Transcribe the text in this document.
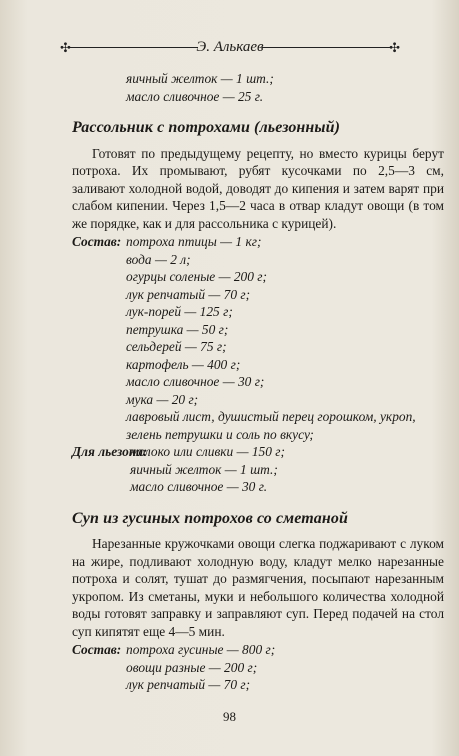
✣	Э. Алькаев	✣

яичный желток — 1 шт.;

масло сливочное — 25 г.

Рассольник с потрохами (льезонный)

Готовят по предыдущему рецепту, но вместо курицы берут потроха. Их промывают, рубят кусочками по 2,5—3 см, заливают холодной водой, доводят до кипения и затем варят при слабом кипении. Через 1,5—2 часа в отвар кладут овощи (в том же порядке, как и для рассольника с курицей).

Состав: потроха птицы — 1 кг;

вода — 2 л;

огурцы соленые — 200 г;

лук репчатый — 70 г;

лук-порей — 125 г;

петрушка — 50 г;

сельдерей — 75 г;

картофель — 400 г;

масло сливочное — 30 г;

мука — 20 г;

лавровый лист, душистый перец горошком, укроп, зелень петрушки и соль по вкусу;

Для льезона:молоко или сливки — 150 г;

яичный желток — 1 шт.;

масло сливочное — 30 г.

Суп из гусиных потрохов со сметаной

Нарезанные кружочками овощи слегка поджаривают с луком на жире, подливают холодную воду, кладут мелко нарезанные потроха и солят, тушат до размягчения, посыпают нарезанным укропом. Из сметаны, муки и небольшого количества холодной воды готовят заправку и заправляют суп. Перед подачей на стол суп кипятят еще 4—5 мин.

Состав: потроха гусиные — 800 г;

овощи разные — 200 г;

лук репчатый — 70 г;

98
